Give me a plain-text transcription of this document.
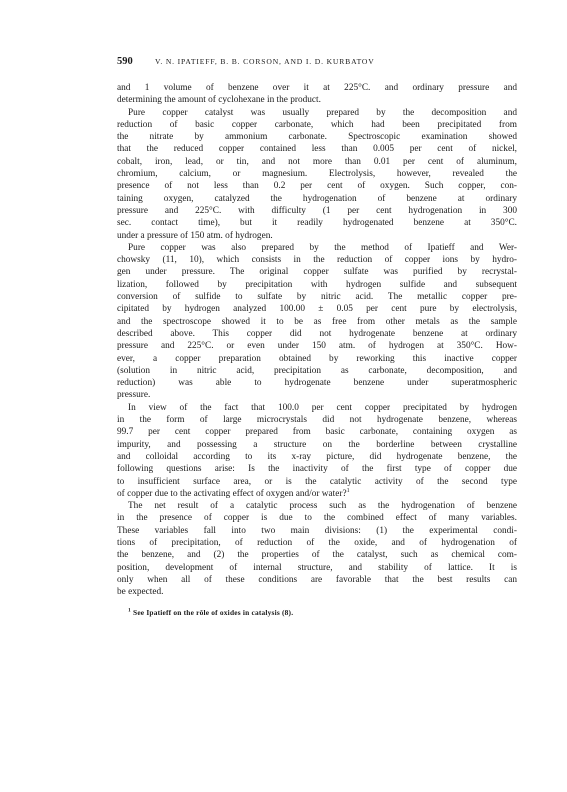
590	V. N. IPATIEFF, B. B. CORSON, AND I. D. KURBATOV
and 1 volume of benzene over it at 225°C. and ordinary pressure and
determining the amount of cyclohexane in the product.
Pure copper catalyst was usually prepared by the decomposition and
reduction of basic copper carbonate, which had been precipitated from
the nitrate by ammonium carbonate. Spectroscopic examination showed
that the reduced copper contained less than 0.005 per cent of nickel,
cobalt, iron, lead, or tin, and not more than 0.01 per cent of aluminum,
chromium, calcium, or magnesium. Electrolysis, however, revealed the
presence of not less than 0.2 per cent of oxygen. Such copper, con-
taining oxygen, catalyzed the hydrogenation of benzene at ordinary
pressure and 225°C. with difficulty (1 per cent hydrogenation in 300
sec. contact time), but it readily hydrogenated benzene at 350°C.
under a pressure of 150 atm. of hydrogen.
Pure copper was also prepared by the method of Ipatieff and Wer-
chowsky (11, 10), which consists in the reduction of copper ions by hydro-
gen under pressure. The original copper sulfate was purified by recrystal-
lization, followed by precipitation with hydrogen sulfide and subsequent
conversion of sulfide to sulfate by nitric acid. The metallic copper pre-
cipitated by hydrogen analyzed 100.00 ± 0.05 per cent pure by electrolysis,
and the spectroscope showed it to be as free from other metals as the sample
described above. This copper did not hydrogenate benzene at ordinary
pressure and 225°C. or even under 150 atm. of hydrogen at 350°C. How-
ever, a copper preparation obtained by reworking this inactive copper
(solution in nitric acid, precipitation as carbonate, decomposition, and
reduction) was able to hydrogenate benzene under superatmospheric
pressure.
In view of the fact that 100.0 per cent copper precipitated by hydrogen
in the form of large microcrystals did not hydrogenate benzene, whereas
99.7 per cent copper prepared from basic carbonate, containing oxygen as
impurity, and possessing a structure on the borderline between crystalline
and colloidal according to its x-ray picture, did hydrogenate benzene, the
following questions arise: Is the inactivity of the first type of copper due
to insufficient surface area, or is the catalytic activity of the second type
of copper due to the activating effect of oxygen and/or water?$^1$
The net result of a catalytic process such as the hydrogenation of benzene
in the presence of copper is due to the combined effect of many variables.
These variables fall into two main divisions: (1) the experimental condi-
tions of precipitation, of reduction of the oxide, and of hydrogenation of
the benzene, and (2) the properties of the catalyst, such as chemical com-
position, development of internal structure, and stability of lattice. It is
only when all of these conditions are favorable that the best results can
be expected.
$^1$ See Ipatieff on the rôle of oxides in catalysis (8).
